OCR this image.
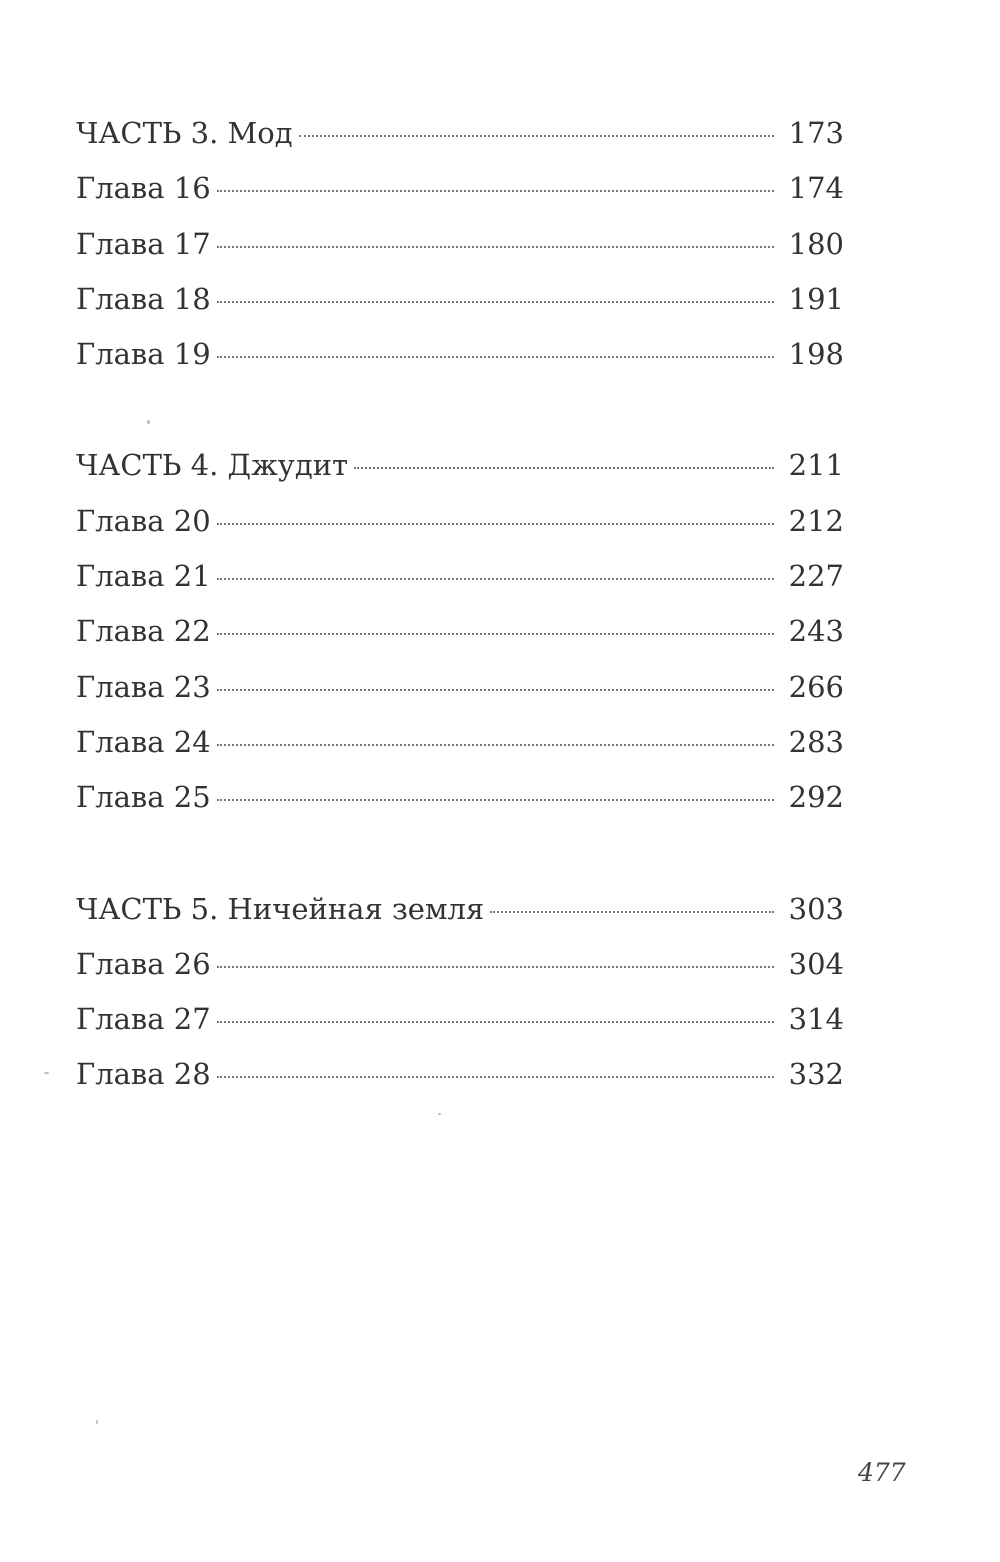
ЧАСТЬ 3. Мод	173
Глава 16	174
Глава 17	180
Глава 18	191
Глава 19	198
ЧАСТЬ 4. Джудит	211
Глава 20	212
Глава 21	227
Глава 22	243
Глава 23	266
Глава 24	283
Глава 25	292
ЧАСТЬ 5. Ничейная земля	303
Глава 26	304
Глава 27	314
Глава 28	332
477
